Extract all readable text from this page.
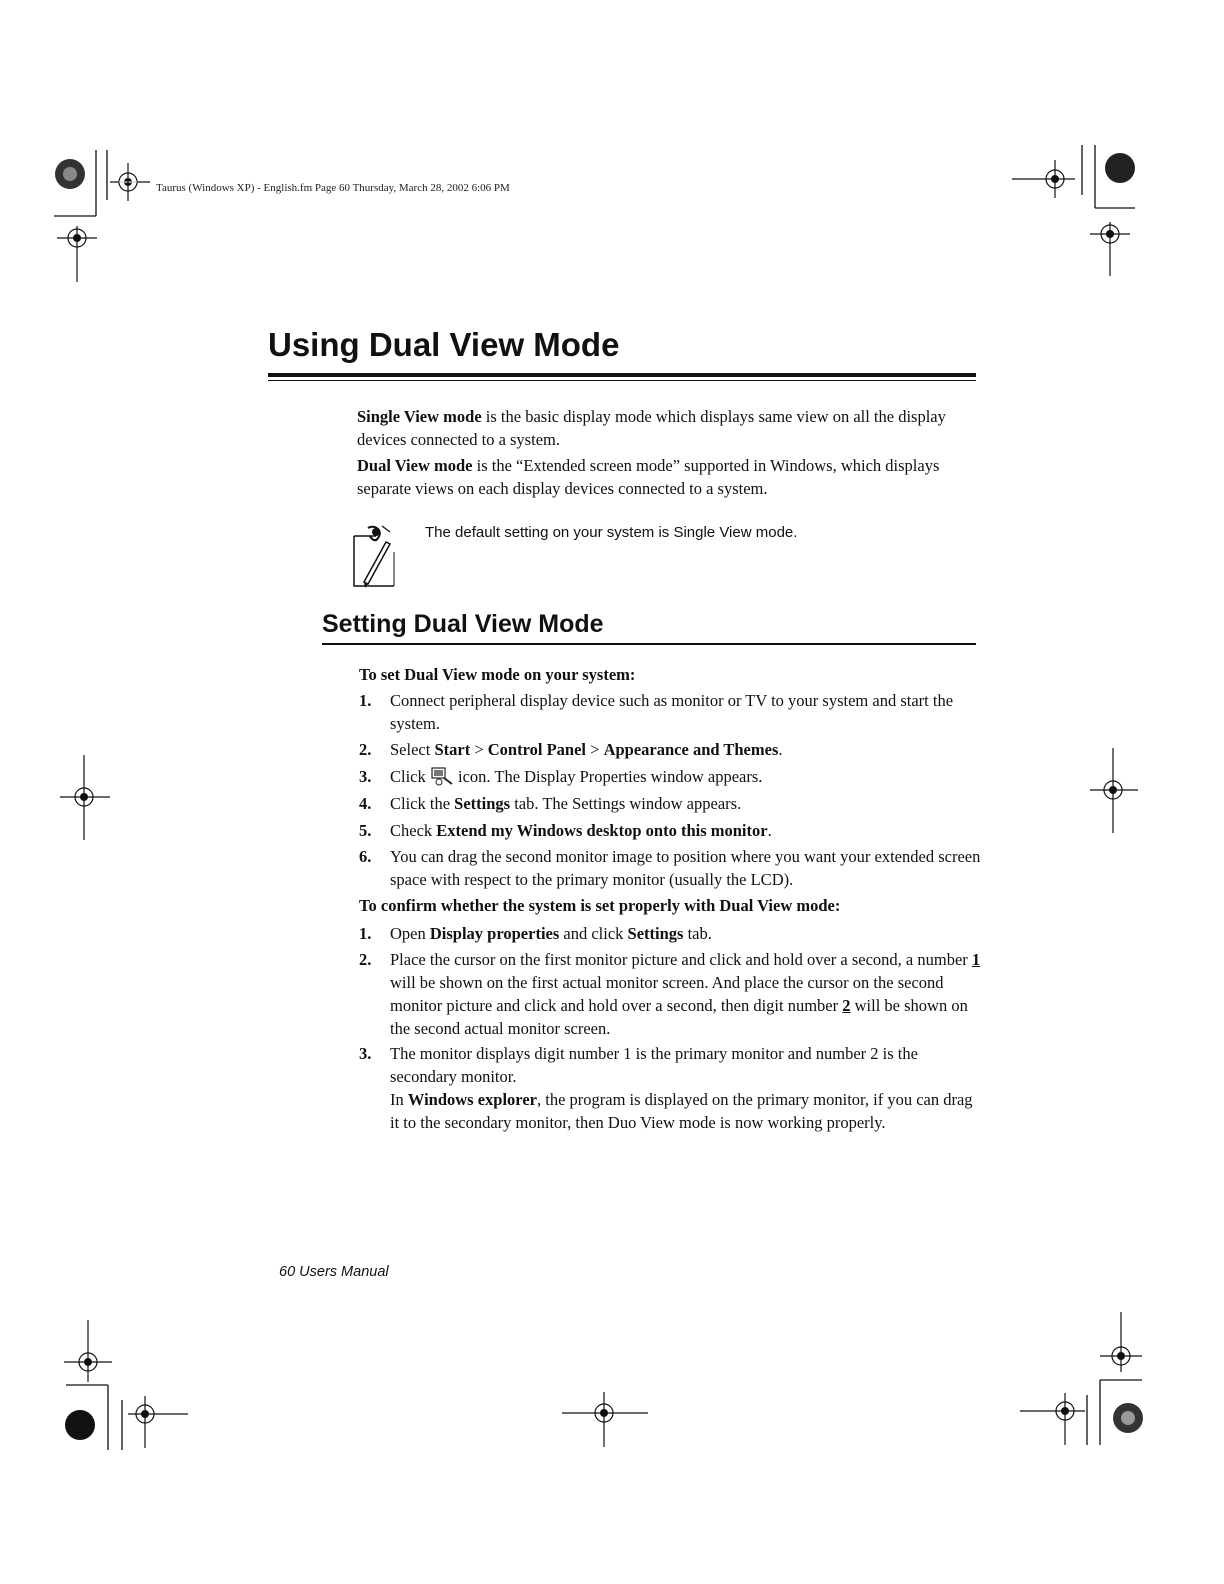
Taurus (Windows XP) - English.fm Page 60 Thursday, March 28, 2002 6:06 PM
Using Dual View Mode
Single View mode is the basic display mode which displays same view on all the display devices connected to a system.
Dual View mode is the “Extended screen mode” supported in Windows, which displays separate views on each display devices connected to a system.
The default setting on your system is Single View mode.
Setting Dual View Mode
To set Dual View mode on your system:
1.	Connect peripheral display device such as monitor or TV to your system and start the system.
2.	Select Start > Control Panel > Appearance and Themes.
3.	Click  icon. The Display Properties window appears.
4.	Click the Settings tab. The Settings window appears.
5.	Check Extend my Windows desktop onto this monitor.
6.	You can drag the second monitor image to position where you want your extended screen space with respect to the primary monitor (usually the LCD).
To confirm whether the system is set properly with Dual View mode:
1.	Open Display properties and click Settings tab.
2.	Place the cursor on the first monitor picture and click and hold over a second, a number 1 will be shown on the first actual monitor screen. And place the cursor on the second monitor picture and click and hold over a second, then digit number 2 will be shown on the second actual monitor screen.
3.	The monitor displays digit number 1 is the primary monitor and number 2 is the secondary monitor.
In Windows explorer, the program is displayed on the primary monitor, if you can drag it to the secondary monitor, then Duo View mode is now working properly.
60 Users Manual
